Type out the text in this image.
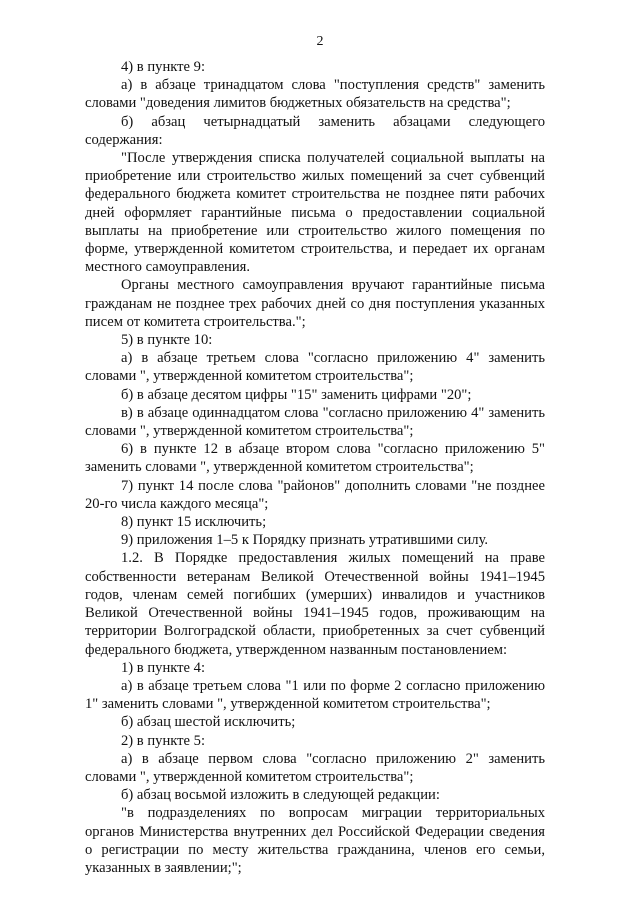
2

4) в пункте 9:

а) в абзаце тринадцатом слова "поступления средств" заменить словами "доведения лимитов бюджетных обязательств на средства";

б) абзац четырнадцатый заменить абзацами следующего содержания:

"После утверждения списка получателей социальной выплаты на приобретение или строительство жилых помещений за счет субвенций федерального бюджета комитет строительства не позднее пяти рабочих дней оформляет гарантийные письма о предоставлении социальной выплаты на приобретение или строительство жилого помещения по форме, утвержденной комитетом строительства, и передает их органам местного самоуправления.

Органы местного самоуправления вручают гарантийные письма гражданам не позднее трех рабочих дней со дня поступления указанных писем от комитета строительства.";

5) в пункте 10:

а) в абзаце третьем слова "согласно приложению 4" заменить словами ", утвержденной комитетом строительства";

б) в абзаце десятом цифры "15" заменить цифрами "20";

в) в абзаце одиннадцатом слова "согласно приложению 4" заменить словами ", утвержденной комитетом строительства";

6) в пункте 12 в абзаце втором слова "согласно приложению 5" заменить словами ", утвержденной комитетом строительства";

7) пункт 14 после слова "районов" дополнить словами "не позднее 20-го числа каждого месяца";

8) пункт 15 исключить;

9) приложения 1–5 к Порядку признать утратившими силу.

1.2. В Порядке предоставления жилых помещений на праве собственности ветеранам Великой Отечественной войны 1941–1945 годов, членам семей погибших (умерших) инвалидов и участников Великой Отечественной войны 1941–1945 годов, проживающим на территории Волгоградской области, приобретенных за счет субвенций федерального бюджета, утвержденном названным постановлением:

1) в пункте 4:

а) в абзаце третьем слова "1 или по форме 2 согласно приложению 1" заменить словами ", утвержденной комитетом строительства";

б) абзац шестой исключить;

2) в пункте 5:

а) в абзаце первом слова "согласно приложению 2" заменить словами ", утвержденной комитетом строительства";

б) абзац восьмой изложить в следующей редакции:

"в подразделениях по вопросам миграции территориальных органов Министерства внутренних дел Российской Федерации сведения о регистрации по месту жительства гражданина, членов его семьи, указанных в заявлении;";
